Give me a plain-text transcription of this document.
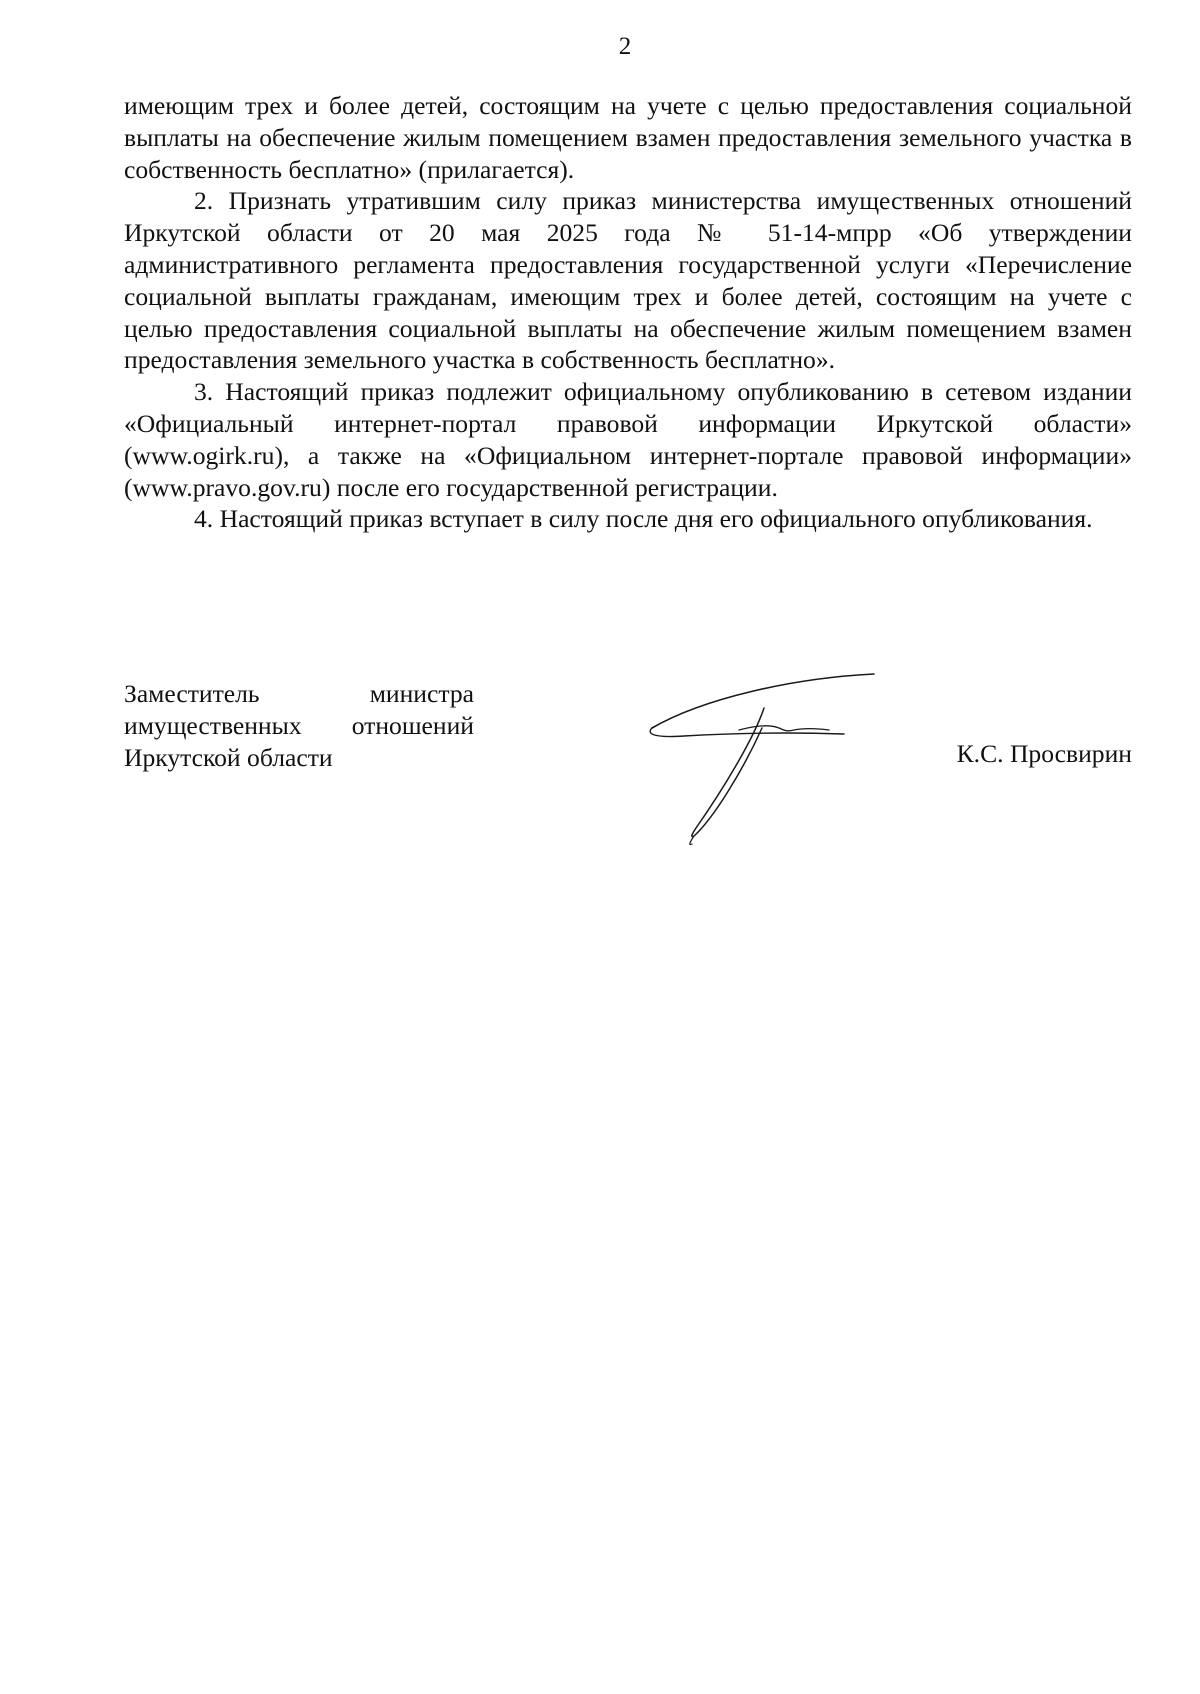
2

имеющим трех и более детей, состоящим на учете с целью предоставления социальной выплаты на обеспечение жилым помещением взамен предоставления земельного участка в собственность бесплатно» (прилагается).

2. Признать утратившим силу приказ министерства имущественных отношений Иркутской области от 20 мая 2025 года № 51-14-мпрр «Об утверждении административного регламента предоставления государственной услуги «Перечисление социальной выплаты гражданам, имеющим трех и более детей, состоящим на учете с целью предоставления социальной выплаты на обеспечение жилым помещением взамен предоставления земельного участка в собственность бесплатно».

3. Настоящий приказ подлежит официальному опубликованию в сетевом издании «Официальный интернет-портал правовой информации Иркутской области» (www.ogirk.ru), а также на «Официальном интернет-портале правовой информации» (www.pravo.gov.ru) после его государственной регистрации.

4. Настоящий приказ вступает в силу после дня его официального опубликования.

Заместитель министра
имущественных отношений
Иркутской области	К.С. Просвирин
